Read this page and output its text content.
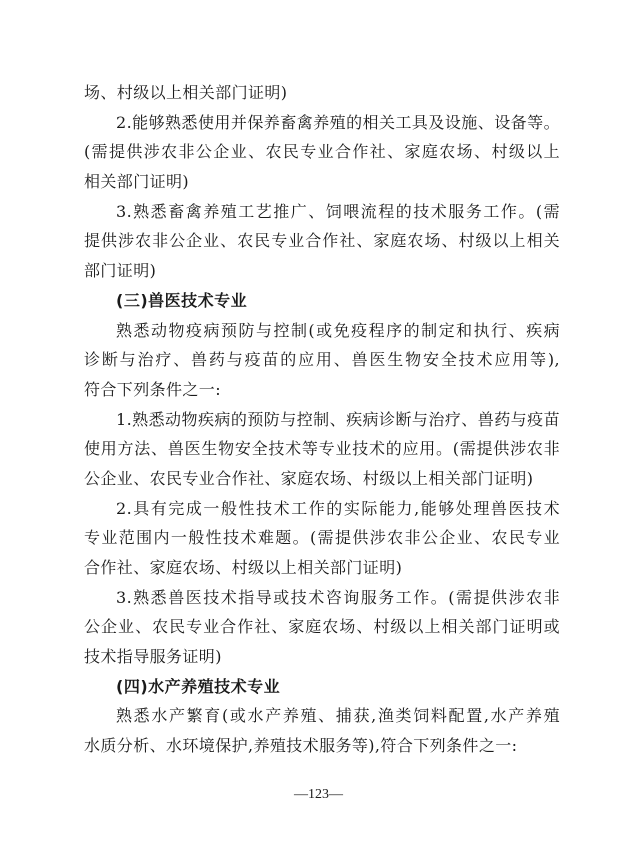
场、村级以上相关部门证明)
2.能够熟悉使用并保养畜禽养殖的相关工具及设施、设备等。
(需提供涉农非公企业、农民专业合作社、家庭农场、村级以上
相关部门证明)
3.熟悉畜禽养殖工艺推广、饲喂流程的技术服务工作。(需
提供涉农非公企业、农民专业合作社、家庭农场、村级以上相关
部门证明)
(三)兽医技术专业
熟悉动物疫病预防与控制(或免疫程序的制定和执行、疾病
诊断与治疗、兽药与疫苗的应用、兽医生物安全技术应用等),
符合下列条件之一:
1.熟悉动物疾病的预防与控制、疾病诊断与治疗、兽药与疫苗
使用方法、兽医生物安全技术等专业技术的应用。(需提供涉农非
公企业、农民专业合作社、家庭农场、村级以上相关部门证明)
2.具有完成一般性技术工作的实际能力,能够处理兽医技术
专业范围内一般性技术难题。(需提供涉农非公企业、农民专业
合作社、家庭农场、村级以上相关部门证明)
3.熟悉兽医技术指导或技术咨询服务工作。(需提供涉农非
公企业、农民专业合作社、家庭农场、村级以上相关部门证明或
技术指导服务证明)
(四)水产养殖技术专业
熟悉水产繁育(或水产养殖、捕获,渔类饲料配置,水产养殖
水质分析、水环境保护,养殖技术服务等),符合下列条件之一:
—123—
